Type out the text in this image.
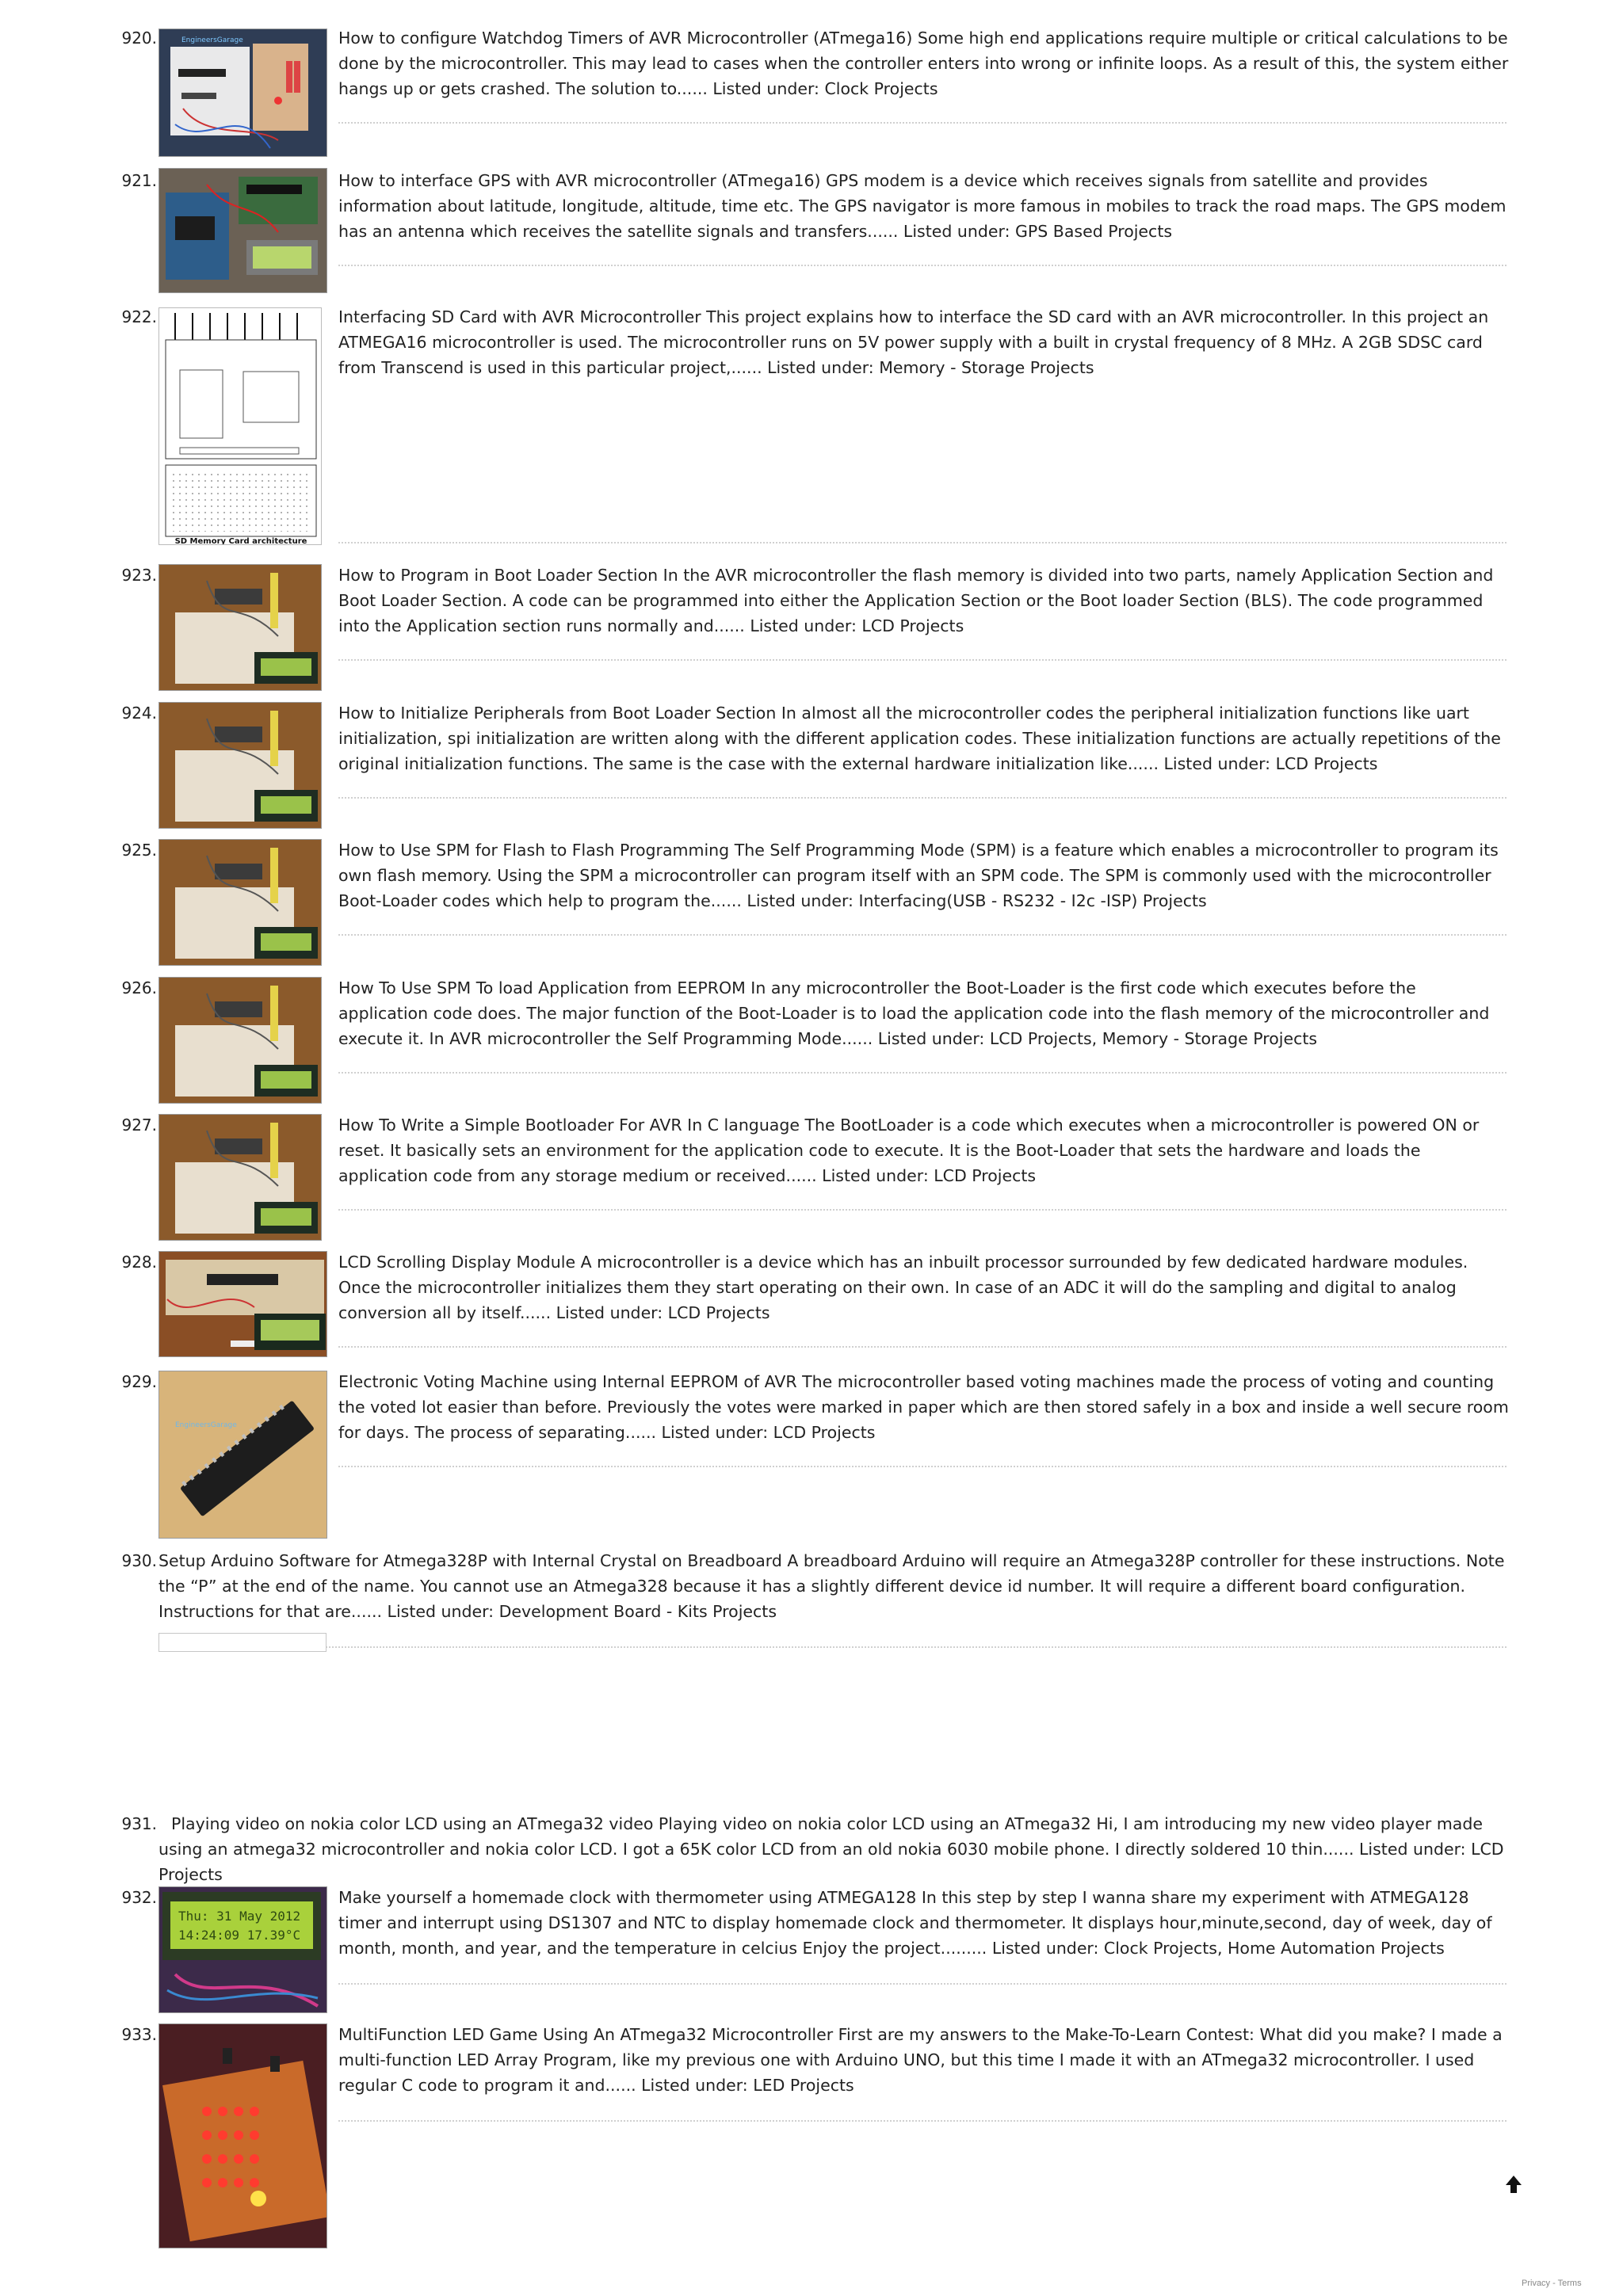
920.	EngineersGarage	How to configure Watchdog Timers of AVR Microcontroller (ATmega16) Some high end applications require multiple or critical calculations to be done by the microcontroller. This may lead to cases when the controller enters into wrong or infinite loops. As a result of this, the system either hangs up or gets crashed. The solution to...... Listed under: Clock Projects
921.	How to interface GPS with AVR microcontroller (ATmega16) GPS modem is a device which receives signals from satellite and provides information about latitude, longitude, altitude, time etc. The GPS navigator is more famous in mobiles to track the road maps. The GPS modem has an antenna which receives the satellite signals and transfers...... Listed under: GPS Based Projects
922.
SD Memory Card architecture
Interfacing SD Card with AVR Microcontroller This project explains how to interface the SD card with an AVR microcontroller. In this project an ATMEGA16 microcontroller is used. The microcontroller runs on 5V power supply with a built in crystal frequency of 8 MHz. A 2GB SDSC card from Transcend is used in this particular project,...... Listed under: Memory - Storage Projects
923.	How to Program in Boot Loader Section In the AVR microcontroller the flash memory is divided into two parts, namely Application Section and Boot Loader Section. A code can be programmed into either the Application Section or the Boot loader Section (BLS). The code programmed into the Application section runs normally and...... Listed under: LCD Projects
924.	How to Initialize Peripherals from Boot Loader Section In almost all the microcontroller codes the peripheral initialization functions like uart initialization, spi initialization are written along with the different application codes. These initialization functions are actually repetitions of the original initialization functions. The same is the case with the external hardware initialization like...... Listed under: LCD Projects
925.	How to Use SPM for Flash to Flash Programming The Self Programming Mode (SPM) is a feature which enables a microcontroller to program its own flash memory. Using the SPM a microcontroller can program itself with an SPM code. The SPM is commonly used with the microcontroller Boot-Loader codes which help to program the...... Listed under: Interfacing(USB - RS232 - I2c -ISP) Projects
926.	How To Use SPM To load Application from EEPROM In any microcontroller the Boot-Loader is the first code which executes before the application code does. The major function of the Boot-Loader is to load the application code into the flash memory of the microcontroller and execute it. In AVR microcontroller the Self Programming Mode...... Listed under: LCD Projects, Memory - Storage Projects
927.	How To Write a Simple Bootloader For AVR In C language The BootLoader is a code which executes when a microcontroller is powered ON or reset. It basically sets an environment for the application code to execute. It is the Boot-Loader that sets the hardware and loads the application code from any storage medium or received...... Listed under: LCD Projects
928.	LCD Scrolling Display Module A microcontroller is a device which has an inbuilt processor surrounded by few dedicated hardware modules. Once the microcontroller initializes them they start operating on their own. In case of an ADC it will do the sampling and digital to analog conversion all by itself...... Listed under: LCD Projects
929.
EngineersGarage
Electronic Voting Machine using Internal EEPROM of AVR The microcontroller based voting machines made the process of voting and counting the voted lot easier than before. Previously the votes were marked in paper which are then stored safely in a box and inside a well secure room for days. The process of separating...... Listed under: LCD Projects
930. Setup Arduino Software for Atmega328P with Internal Crystal on Breadboard A breadboard Arduino will require an Atmega328P controller for these instructions. Note the “P” at the end of the name. You cannot use an Atmega328 because it has a slightly different device id number. It will require a different board configuration. Instructions for that are...... Listed under: Development Board - Kits Projects
931. Playing video on nokia color LCD using an ATmega32 video Playing video on nokia color LCD using an ATmega32 Hi, I am introducing my new video player made using an atmega32 microcontroller and nokia color LCD. I got a 65K color LCD from an old nokia 6030 mobile phone. I directly soldered 10 thin...... Listed under: LCD Projects
932.
Thu: 31 May 2012
14:24:09 17.39°C
Make yourself a homemade clock with thermometer using ATMEGA128 In this step by step I wanna share my experiment with ATMEGA128 timer and interrupt using DS1307 and NTC to display homemade clock and thermometer. It displays hour,minute,second, day of week, day of month, month, and year, and the temperature in celcius Enjoy the project......... Listed under: Clock Projects, Home Automation Projects
933.	MultiFunction LED Game Using An ATmega32 Microcontroller First are my answers to the Make-To-Learn Contest: What did you make? I made a multi-function LED Array Program, like my previous one with Arduino UNO, but this time I made it with an ATmega32 microcontroller. I used regular C code to program it and...... Listed under: LED Projects
Privacy - Terms
